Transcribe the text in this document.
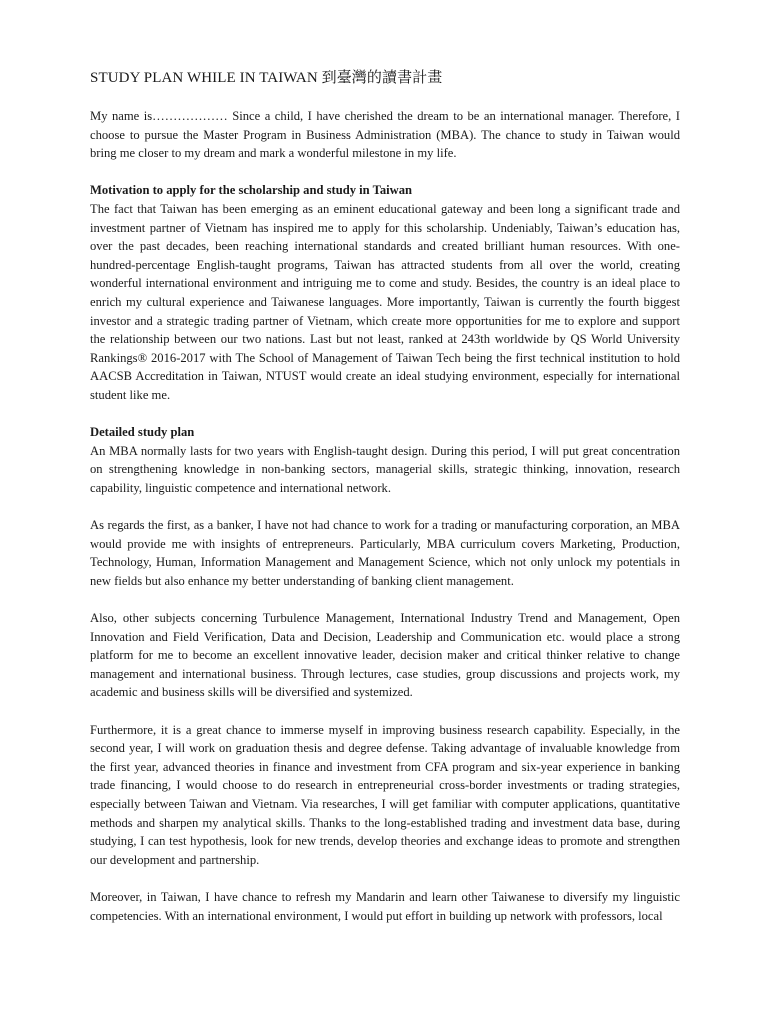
STUDY PLAN WHILE IN TAIWAN 到臺灣的讀書計畫

My name is……………… Since a child, I have cherished the dream to be an international manager. Therefore, I choose to pursue the Master Program in Business Administration (MBA). The chance to study in Taiwan would bring me closer to my dream and mark a wonderful milestone in my life.

Motivation to apply for the scholarship and study in Taiwan

The fact that Taiwan has been emerging as an eminent educational gateway and been long a significant trade and investment partner of Vietnam has inspired me to apply for this scholarship. Undeniably, Taiwan’s education has, over the past decades, been reaching international standards and created brilliant human resources. With one-hundred-percentage English-taught programs, Taiwan has attracted students from all over the world, creating wonderful international environment and intriguing me to come and study. Besides, the country is an ideal place to enrich my cultural experience and Taiwanese languages. More importantly, Taiwan is currently the fourth biggest investor and a strategic trading partner of Vietnam, which create more opportunities for me to explore and support the relationship between our two nations. Last but not least, ranked at 243th worldwide by QS World University Rankings® 2016-2017 with The School of Management of Taiwan Tech being the first technical institution to hold AACSB Accreditation in Taiwan, NTUST would create an ideal studying environment, especially for international student like me.

Detailed study plan

An MBA normally lasts for two years with English-taught design. During this period, I will put great concentration on strengthening knowledge in non-banking sectors, managerial skills, strategic thinking, innovation, research capability, linguistic competence and international network.

As regards the first, as a banker, I have not had chance to work for a trading or manufacturing corporation, an MBA would provide me with insights of entrepreneurs. Particularly, MBA curriculum covers Marketing, Production, Technology, Human, Information Management and Management Science, which not only unlock my potentials in new fields but also enhance my better understanding of banking client management.

Also, other subjects concerning Turbulence Management, International Industry Trend and Management, Open Innovation and Field Verification, Data and Decision, Leadership and Communication etc. would place a strong platform for me to become an excellent innovative leader, decision maker and critical thinker relative to change management and international business. Through lectures, case studies, group discussions and projects work, my academic and business skills will be diversified and systemized.

Furthermore, it is a great chance to immerse myself in improving business research capability. Especially, in the second year, I will work on graduation thesis and degree defense. Taking advantage of invaluable knowledge from the first year, advanced theories in finance and investment from CFA program and six-year experience in banking trade financing, I would choose to do research in entrepreneurial cross-border investments or trading strategies, especially between Taiwan and Vietnam. Via researches, I will get familiar with computer applications, quantitative methods and sharpen my analytical skills. Thanks to the long-established trading and investment data base, during studying, I can test hypothesis, look for new trends, develop theories and exchange ideas to promote and strengthen our development and partnership.

Moreover, in Taiwan, I have chance to refresh my Mandarin and learn other Taiwanese to diversify my linguistic competencies. With an international environment, I would put effort in building up network with professors, local
